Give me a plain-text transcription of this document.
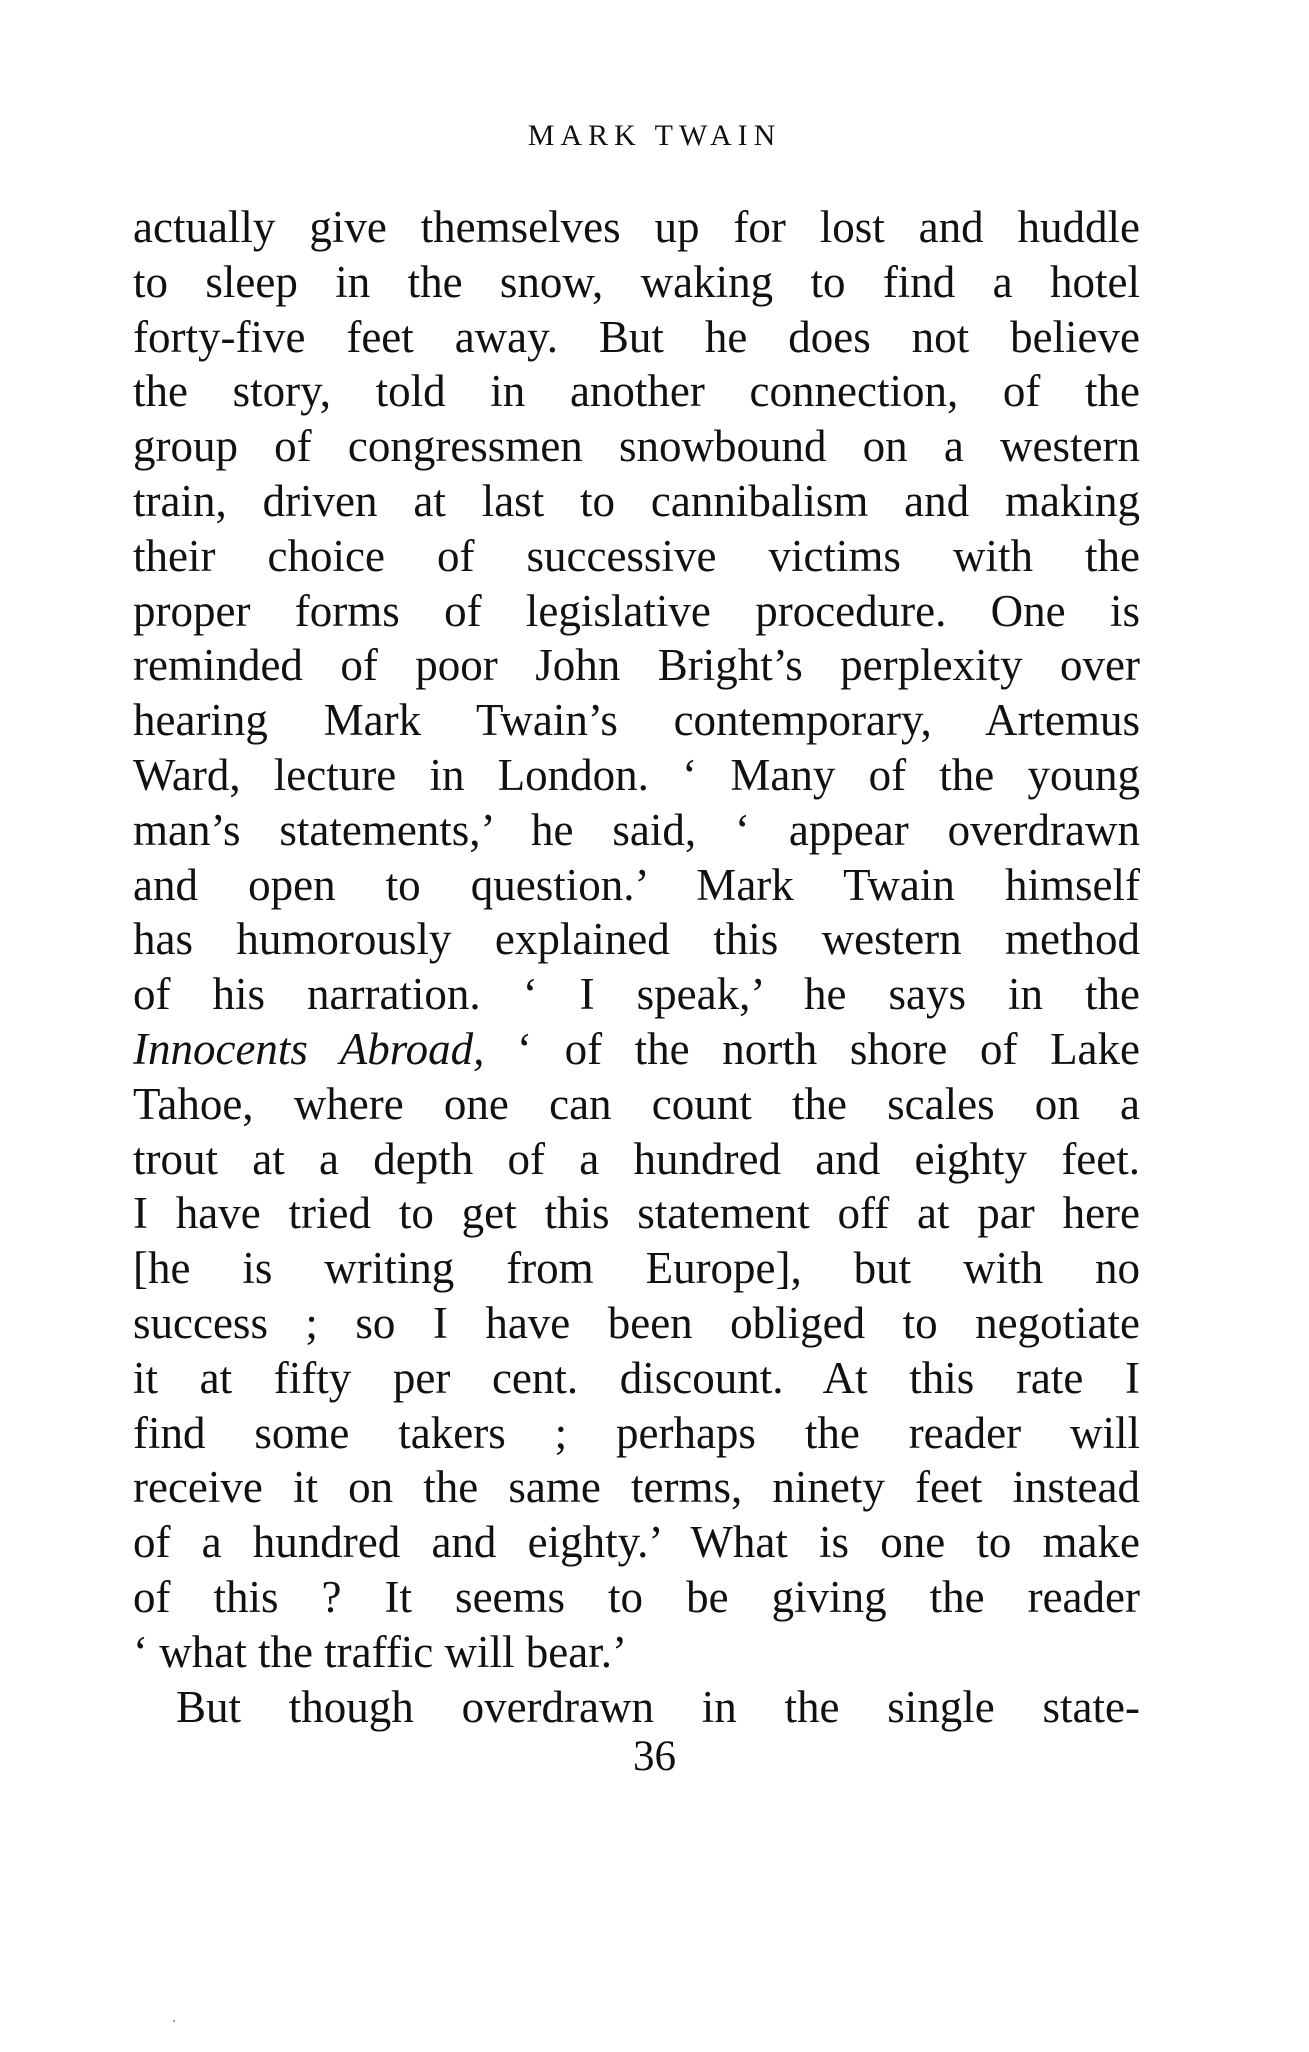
MARK TWAIN
actually give themselves up for lost and huddle
to sleep in the snow, waking to find a hotel
forty-five feet away. But he does not believe
the story, told in another connection, of the
group of congressmen snowbound on a western
train, driven at last to cannibalism and making
their choice of successive victims with the
proper forms of legislative procedure. One is
reminded of poor John Bright’s perplexity over
hearing Mark Twain’s contemporary, Artemus
Ward, lecture in London. ‘ Many of the young
man’s statements,’ he said, ‘ appear overdrawn
and open to question.’ Mark Twain himself
has humorously explained this western method
of his narration. ‘ I speak,’ he says in the
Innocents Abroad, ‘ of the north shore of Lake
Tahoe, where one can count the scales on a
trout at a depth of a hundred and eighty feet.
I have tried to get this statement off at par here
[he is writing from Europe], but with no
success ; so I have been obliged to negotiate
it at fifty per cent. discount. At this rate I
find some takers ; perhaps the reader will
receive it on the same terms, ninety feet instead
of a hundred and eighty.’ What is one to make
of this ? It seems to be giving the reader
‘ what the traffic will bear.’
But though overdrawn in the single state-
36
